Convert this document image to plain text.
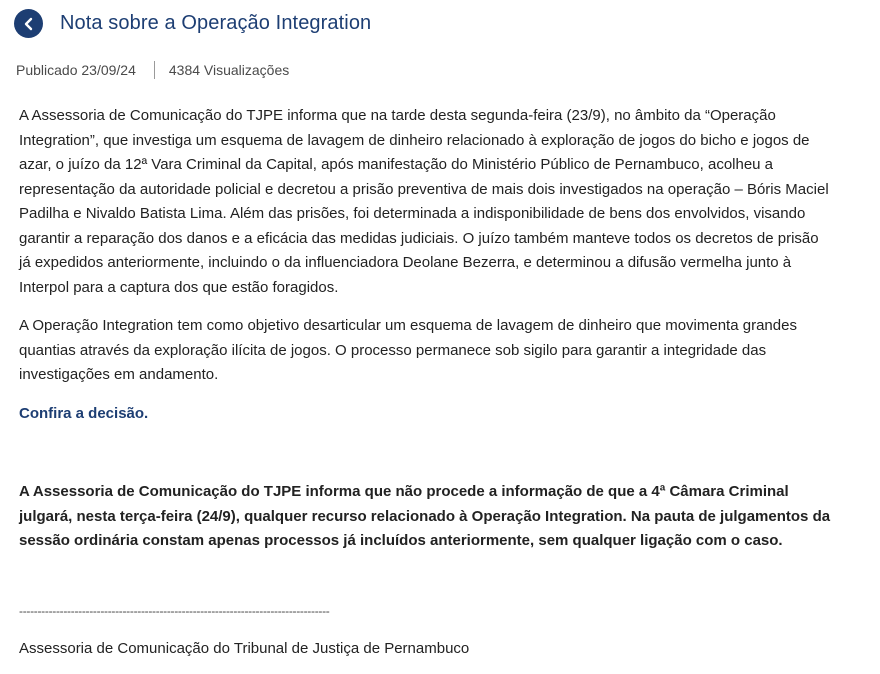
Nota sobre a Operação Integration
Publicado 23/09/24 4384 Visualizações

A Assessoria de Comunicação do TJPE informa que na tarde desta segunda-feira (23/9), no âmbito da “Operação Integration”, que investiga um esquema de lavagem de dinheiro relacionado à exploração de jogos do bicho e jogos de azar, o juízo da 12ª Vara Criminal da Capital, após manifestação do Ministério Público de Pernambuco, acolheu a representação da autoridade policial e decretou a prisão preventiva de mais dois investigados na operação – Bóris Maciel Padilha e Nivaldo Batista Lima. Além das prisões, foi determinada a indisponibilidade de bens dos envolvidos, visando garantir a reparação dos danos e a eficácia das medidas judiciais. O juízo também manteve todos os decretos de prisão já expedidos anteriormente, incluindo o da influenciadora Deolane Bezerra, e determinou a difusão vermelha junto à Interpol para a captura dos que estão foragidos.

A Operação Integration tem como objetivo desarticular um esquema de lavagem de dinheiro que movimenta grandes quantias através da exploração ilícita de jogos. O processo permanece sob sigilo para garantir a integridade das investigações em andamento.

Confira a decisão.

A Assessoria de Comunicação do TJPE informa que não procede a informação de que a 4ª Câmara Criminal julgará, nesta terça-feira (24/9), qualquer recurso relacionado à Operação Integration. Na pauta de julgamentos da sessão ordinária constam apenas processos já incluídos anteriormente, sem qualquer ligação com o caso.

------------------------------------------------------------------------------------
Assessoria de Comunicação do Tribunal de Justiça de Pernambuco
